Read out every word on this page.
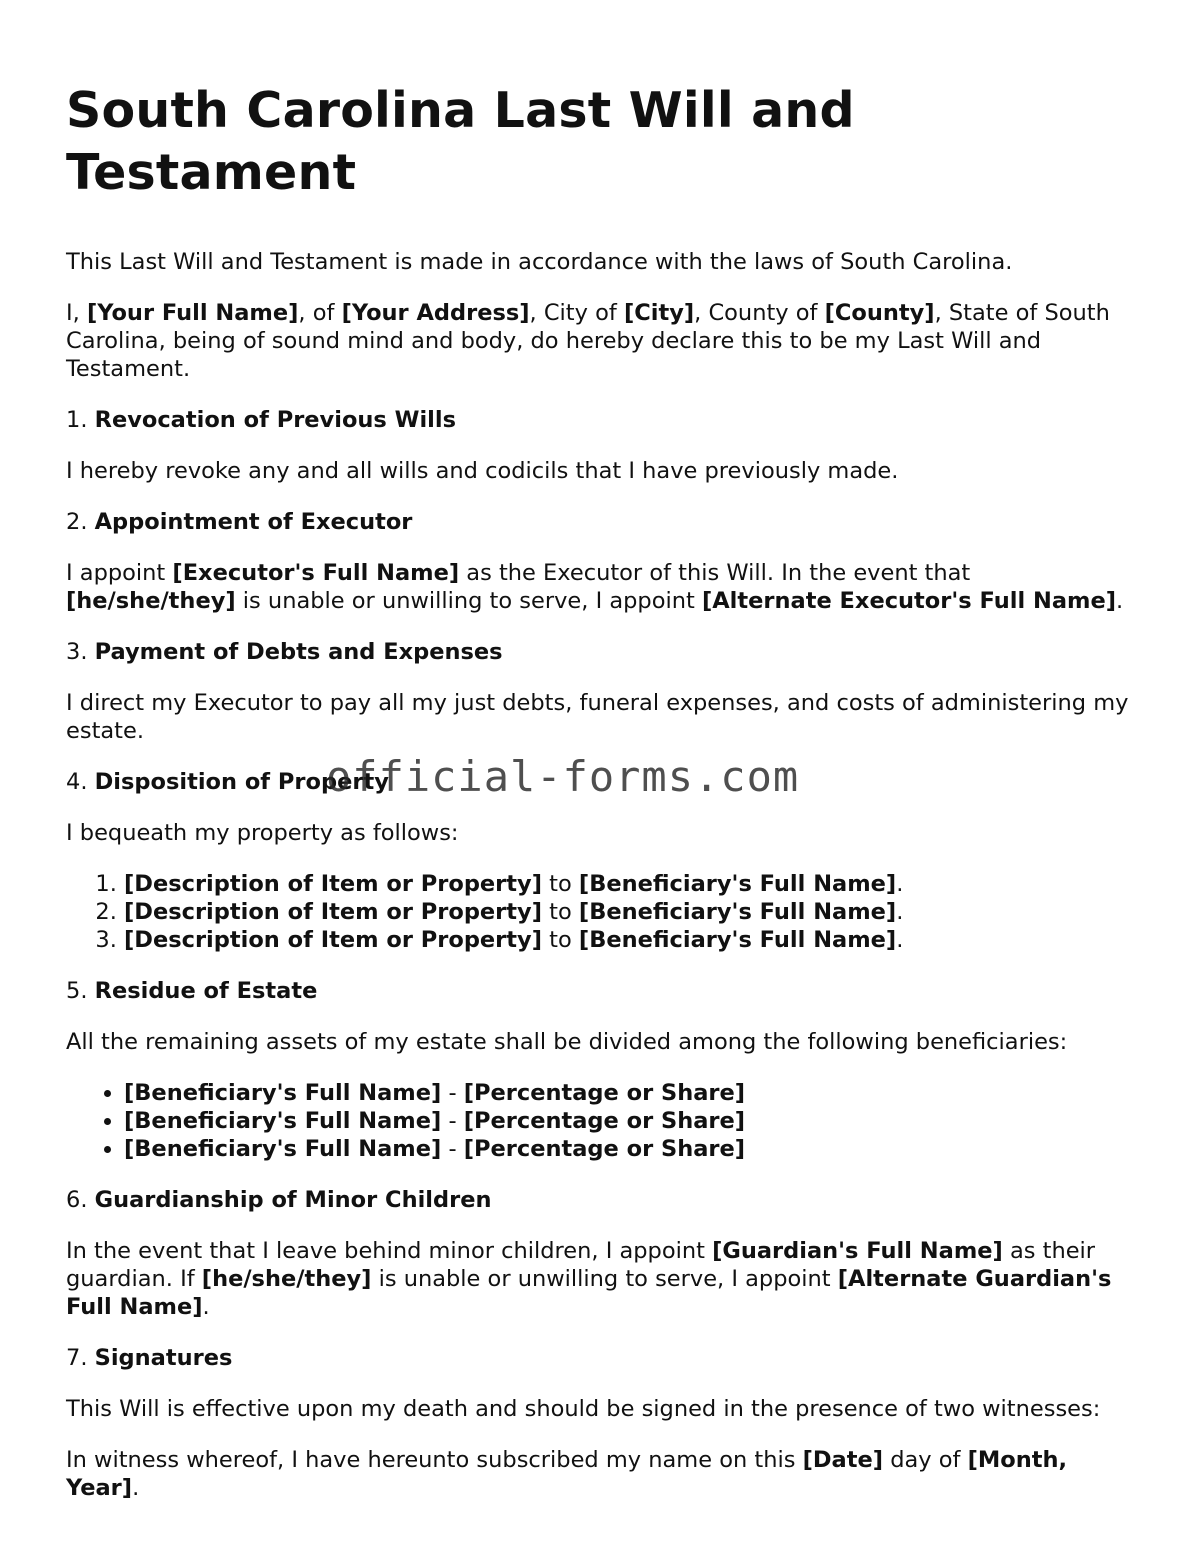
South Carolina Last Will and Testament

This Last Will and Testament is made in accordance with the laws of South Carolina.

I, [Your Full Name], of [Your Address], City of [City], County of [County], State of South Carolina, being of sound mind and body, do hereby declare this to be my Last Will and Testament.

1. Revocation of Previous Wills

I hereby revoke any and all wills and codicils that I have previously made.

2. Appointment of Executor

I appoint [Executor's Full Name] as the Executor of this Will. In the event that [he/she/they] is unable or unwilling to serve, I appoint [Alternate Executor's Full Name].

3. Payment of Debts and Expenses

I direct my Executor to pay all my just debts, funeral expenses, and costs of administering my estate.

4. Disposition of Property

I bequeath my property as follows:

1. [Description of Item or Property] to [Beneficiary's Full Name].
2. [Description of Item or Property] to [Beneficiary's Full Name].
3. [Description of Item or Property] to [Beneficiary's Full Name].
5. Residue of Estate

All the remaining assets of my estate shall be divided among the following beneficiaries:

• [Beneficiary's Full Name] - [Percentage or Share]
• [Beneficiary's Full Name] - [Percentage or Share]
• [Beneficiary's Full Name] - [Percentage or Share]
6. Guardianship of Minor Children

In the event that I leave behind minor children, I appoint [Guardian's Full Name] as their guardian. If [he/she/they] is unable or unwilling to serve, I appoint [Alternate Guardian's Full Name].

7. Signatures

This Will is effective upon my death and should be signed in the presence of two witnesses:

In witness whereof, I have hereunto subscribed my name on this [Date] day of [Month, Year].

official-forms.com
